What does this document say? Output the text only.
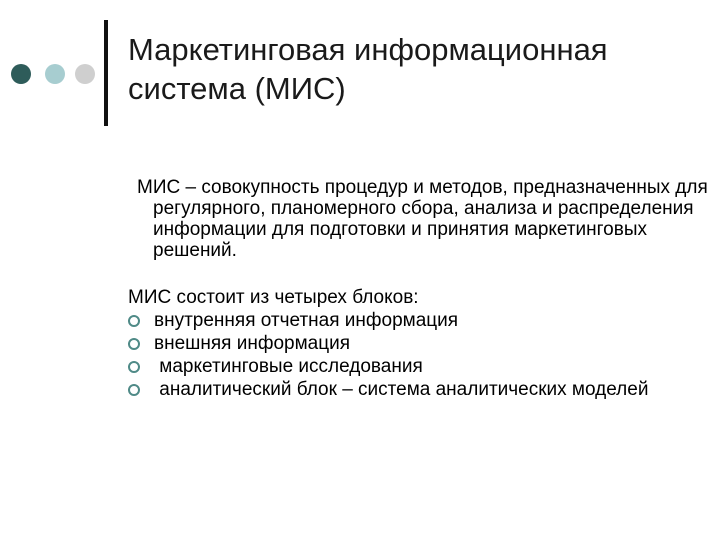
Маркетинговая информационная система (МИС)

МИС – совокупность процедур и методов, предназначенных для регулярного, планомерного сбора, анализа и распределения информации для подготовки и принятия маркетинговых решений.

МИС состоит из четырех блоков:

внутренняя отчетная информация
внешняя информация
маркетинговые исследования
аналитический блок – система аналитических моделей
